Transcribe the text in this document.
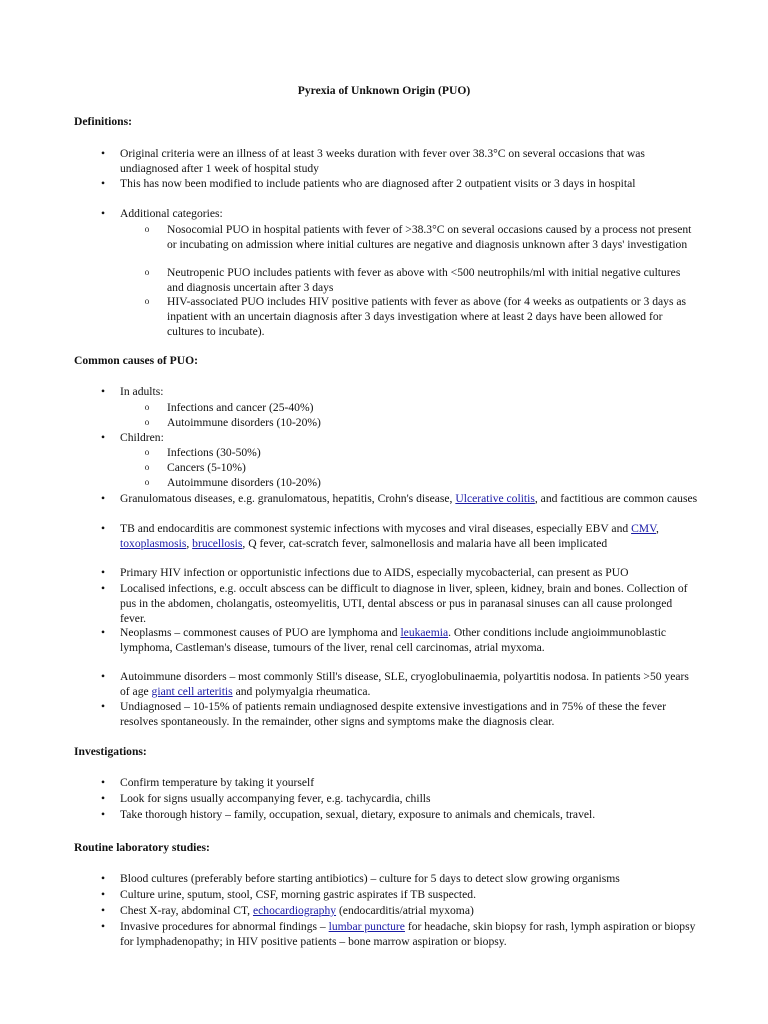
Pyrexia of Unknown Origin (PUO)
Definitions:
• Original criteria were an illness of at least 3 weeks duration with fever over 38.3°C on several occasions that was undiagnosed after 1 week of hospital study
• This has now been modified to include patients who are diagnosed after 2 outpatient visits or 3 days in hospital
• Additional categories:
o Nosocomial PUO in hospital patients with fever of >38.3°C on several occasions caused by a process not present or incubating on admission where initial cultures are negative and diagnosis unknown after 3 days' investigation
o Neutropenic PUO includes patients with fever as above with <500 neutrophils/ml with initial negative cultures and diagnosis uncertain after 3 days
o HIV-associated PUO includes HIV positive patients with fever as above (for 4 weeks as outpatients or 3 days as inpatient with an uncertain diagnosis after 3 days investigation where at least 2 days have been allowed for cultures to incubate).
Common causes of PUO:
• In adults:
o Infections and cancer (25-40%)
o Autoimmune disorders (10-20%)
• Children:
o Infections (30-50%)
o Cancers (5-10%)
o Autoimmune disorders (10-20%)
• Granulomatous diseases, e.g. granulomatous, hepatitis, Crohn's disease, Ulcerative colitis, and factitious are common causes
• TB and endocarditis are commonest systemic infections with mycoses and viral diseases, especially EBV and CMV, toxoplasmosis, brucellosis, Q fever, cat-scratch fever, salmonellosis and malaria have all been implicated
• Primary HIV infection or opportunistic infections due to AIDS, especially mycobacterial, can present as PUO
• Localised infections, e.g. occult abscess can be difficult to diagnose in liver, spleen, kidney, brain and bones. Collection of pus in the abdomen, cholangatis, osteomyelitis, UTI, dental abscess or pus in paranasal sinuses can all cause prolonged fever.
• Neoplasms – commonest causes of PUO are lymphoma and leukaemia. Other conditions include angioimmunoblastic lymphoma, Castleman's disease, tumours of the liver, renal cell carcinomas, atrial myxoma.
• Autoimmune disorders – most commonly Still's disease, SLE, cryoglobulinaemia, polyartitis nodosa. In patients >50 years of age giant cell arteritis and polymyalgia rheumatica.
• Undiagnosed – 10-15% of patients remain undiagnosed despite extensive investigations and in 75% of these the fever resolves spontaneously. In the remainder, other signs and symptoms make the diagnosis clear.
Investigations:
• Confirm temperature by taking it yourself
• Look for signs usually accompanying fever, e.g. tachycardia, chills
• Take thorough history – family, occupation, sexual, dietary, exposure to animals and chemicals, travel.
Routine laboratory studies:
• Blood cultures (preferably before starting antibiotics) – culture for 5 days to detect slow growing organisms
• Culture urine, sputum, stool, CSF, morning gastric aspirates if TB suspected.
• Chest X-ray, abdominal CT, echocardiography (endocarditis/atrial myxoma)
• Invasive procedures for abnormal findings – lumbar puncture for headache, skin biopsy for rash, lymph aspiration or biopsy for lymphadenopathy; in HIV positive patients – bone marrow aspiration or biopsy.
